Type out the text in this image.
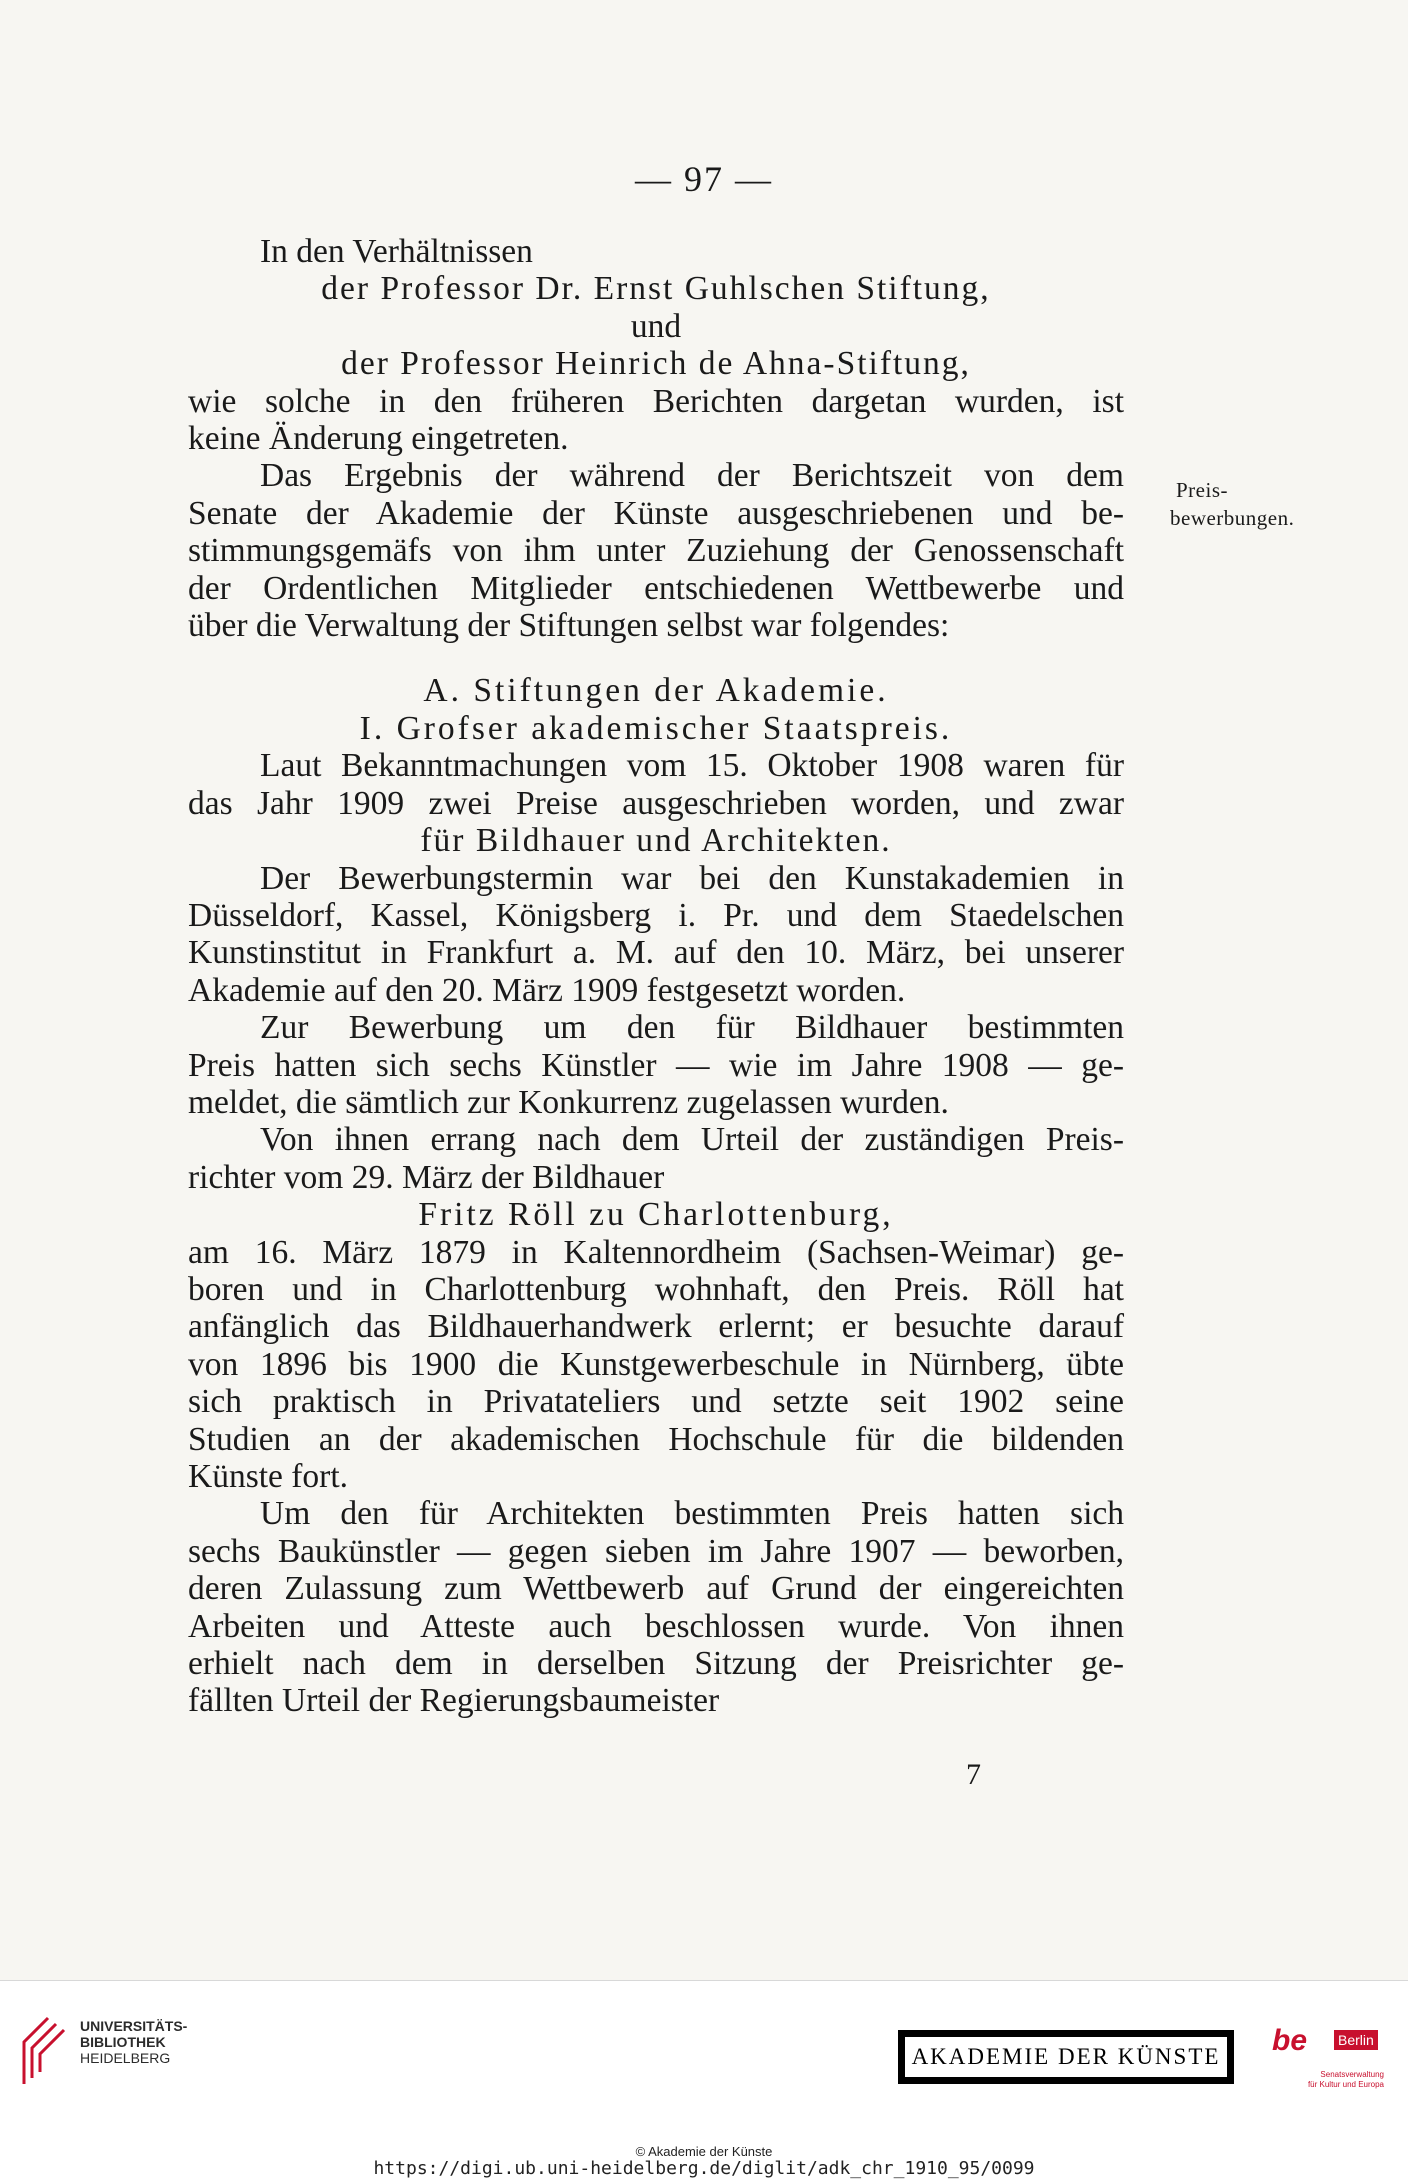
— 97 —
In den Verhältnissen
der Professor Dr. Ernst Guhlschen Stiftung,
und
der Professor Heinrich de Ahna-Stiftung,
wie solche in den früheren Berichten dargetan wurden, ist
keine Änderung eingetreten.
Das Ergebnis der während der Berichtszeit von dem
Senate der Akademie der Künste ausgeschriebenen und be-
stimmungsgemäfs von ihm unter Zuziehung der Genossenschaft
der Ordentlichen Mitglieder entschiedenen Wettbewerbe und
über die Verwaltung der Stiftungen selbst war folgendes:
A. Stiftungen der Akademie.
I. Grofser akademischer Staatspreis.
Laut Bekanntmachungen vom 15. Oktober 1908 waren für
das Jahr 1909 zwei Preise ausgeschrieben worden, und zwar
für Bildhauer und Architekten.
Der Bewerbungstermin war bei den Kunstakademien in
Düsseldorf, Kassel, Königsberg i. Pr. und dem Staedelschen
Kunstinstitut in Frankfurt a. M. auf den 10. März, bei unserer
Akademie auf den 20. März 1909 festgesetzt worden.
Zur Bewerbung um den für Bildhauer bestimmten
Preis hatten sich sechs Künstler — wie im Jahre 1908 — ge-
meldet, die sämtlich zur Konkurrenz zugelassen wurden.
Von ihnen errang nach dem Urteil der zuständigen Preis-
richter vom 29. März der Bildhauer
Fritz Röll zu Charlottenburg,
am 16. März 1879 in Kaltennordheim (Sachsen-Weimar) ge-
boren und in Charlottenburg wohnhaft, den Preis. Röll hat
anfänglich das Bildhauerhandwerk erlernt; er besuchte darauf
von 1896 bis 1900 die Kunstgewerbeschule in Nürnberg, übte
sich praktisch in Privatateliers und setzte seit 1902 seine
Studien an der akademischen Hochschule für die bildenden
Künste fort.
Um den für Architekten bestimmten Preis hatten sich
sechs Baukünstler — gegen sieben im Jahre 1907 — beworben,
deren Zulassung zum Wettbewerb auf Grund der eingereichten
Arbeiten und Atteste auch beschlossen wurde. Von ihnen
erhielt nach dem in derselben Sitzung der Preisrichter ge-
fällten Urteil der Regierungsbaumeister
Preis-
bewerbungen.
7
UNIVERSITÄTS-
BIBLIOTHEK
HEIDELBERG	AKADEMIE DER KÜNSTE be Berlin
Senatsverwaltung
für Kultur und Europa
© Akademie der Künste
https://digi.ub.uni-heidelberg.de/diglit/adk_chr_1910_95/0099
